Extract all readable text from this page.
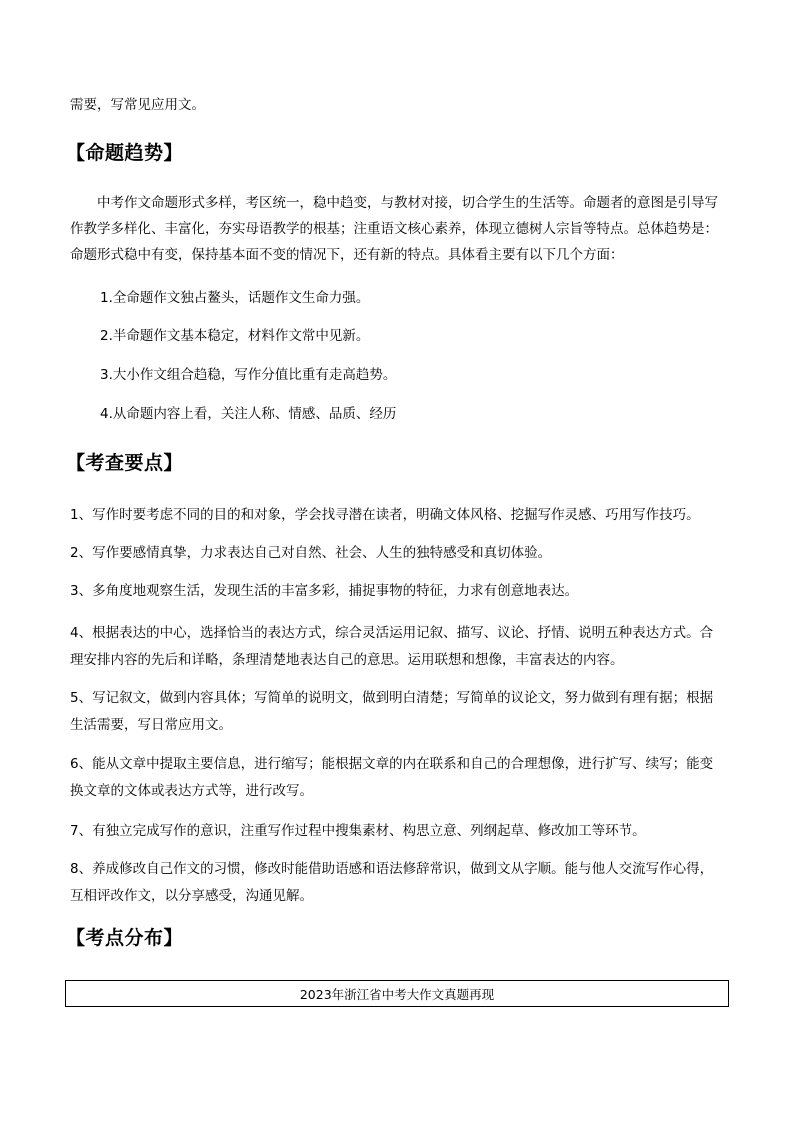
需要，写常见应用文。
【命题趋势】
中考作文命题形式多样，考区统一，稳中趋变，与教材对接，切合学生的生活等。命题者的意图是引导写作教学多样化、丰富化，夯实母语教学的根基；注重语文核心素养，体现立德树人宗旨等特点。总体趋势是：命题形式稳中有变，保持基本面不变的情况下，还有新的特点。具体看主要有以下几个方面：
1.全命题作文独占鳌头，话题作文生命力强。
2.半命题作文基本稳定，材料作文常中见新。
3.大小作文组合趋稳，写作分值比重有走高趋势。
4.从命题内容上看，关注人称、情感、品质、经历
【考查要点】
1、写作时要考虑不同的目的和对象，学会找寻潜在读者，明确文体风格、挖掘写作灵感、巧用写作技巧。
2、写作要感情真挚，力求表达自己对自然、社会、人生的独特感受和真切体验。
3、多角度地观察生活，发现生活的丰富多彩，捕捉事物的特征，力求有创意地表达。
4、根据表达的中心，选择恰当的表达方式，综合灵活运用记叙、描写、议论、抒情、说明五种表达方式。合理安排内容的先后和详略，条理清楚地表达自己的意思。运用联想和想像，丰富表达的内容。
5、写记叙文，做到内容具体；写简单的说明文，做到明白清楚；写简单的议论文，努力做到有理有据；根据生活需要，写日常应用文。
6、能从文章中提取主要信息，进行缩写；能根据文章的内在联系和自己的合理想像，进行扩写、续写；能变换文章的文体或表达方式等，进行改写。
7、有独立完成写作的意识，注重写作过程中搜集素材、构思立意、列纲起草、修改加工等环节。
8、养成修改自己作文的习惯，修改时能借助语感和语法修辞常识，做到文从字顺。能与他人交流写作心得，互相评改作文，以分享感受，沟通见解。
【考点分布】
2023年浙江省中考大作文真题再现
